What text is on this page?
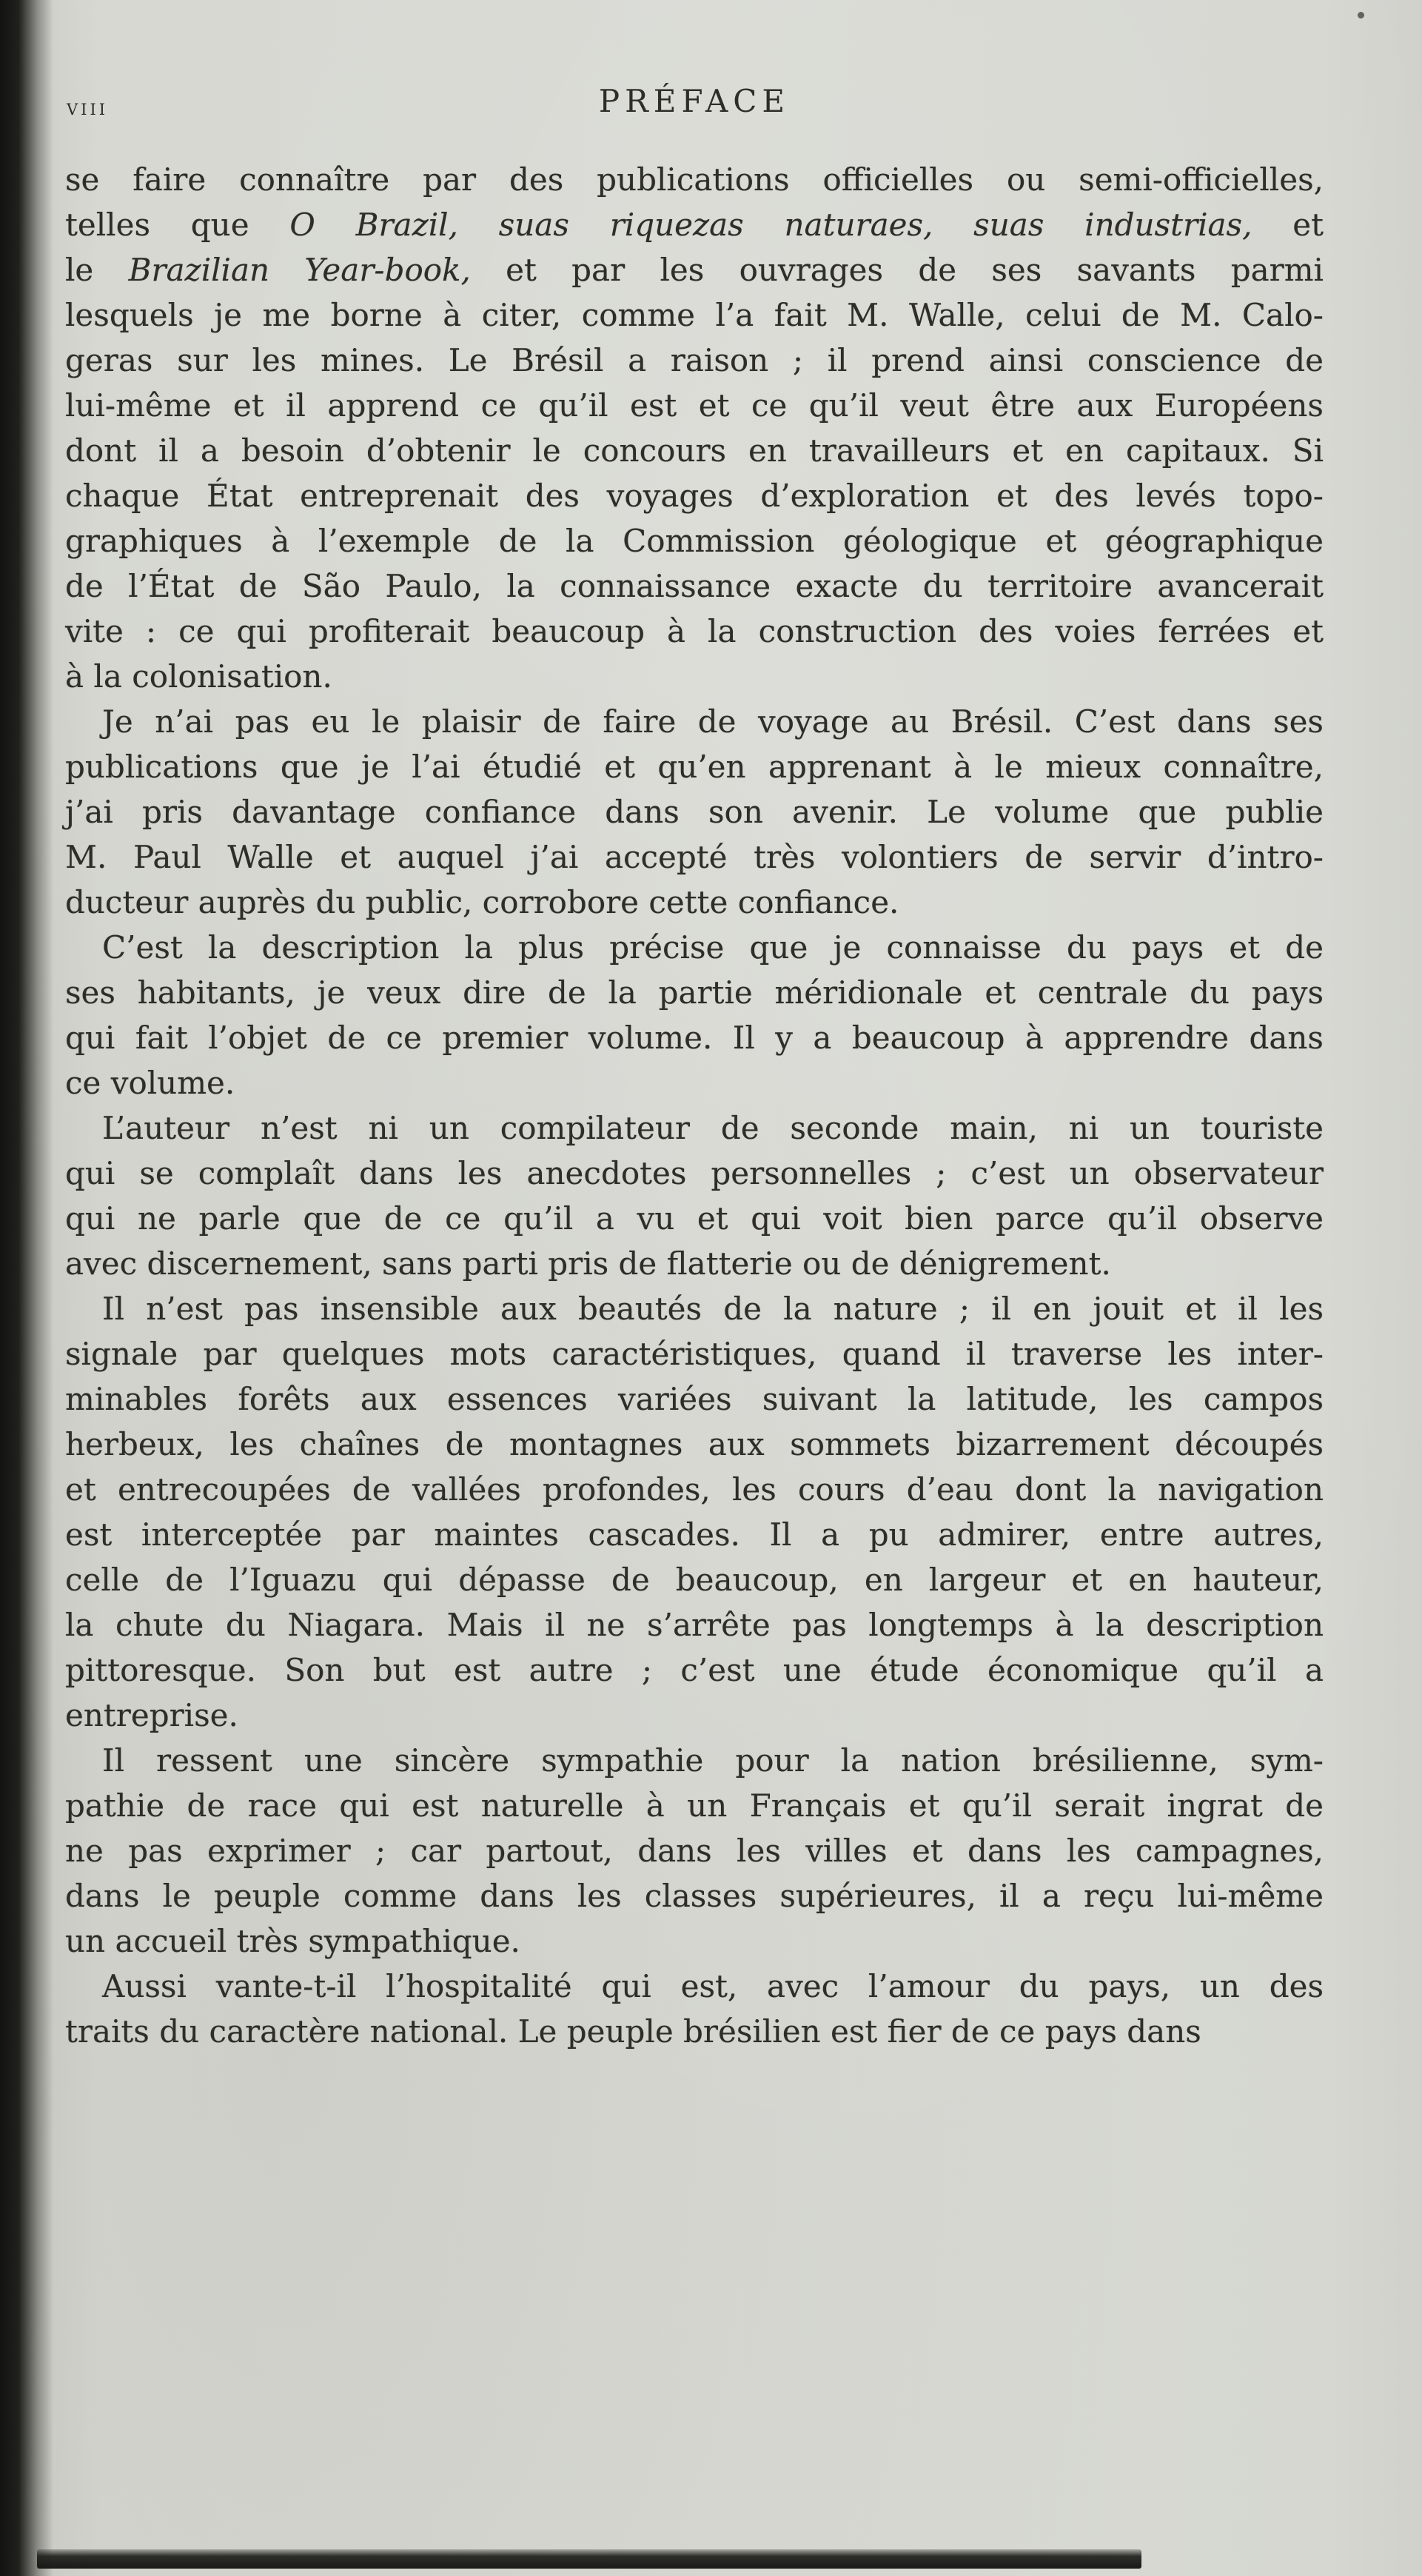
viii	PRÉFACE
se faire connaître par des publications officielles ou semi-officielles,
telles que O Brazil, suas riquezas naturaes, suas industrias, et
le Brazilian Year-book, et par les ouvrages de ses savants parmi
lesquels je me borne à citer, comme l’a fait M. Walle, celui de M. Calo-
geras sur les mines. Le Brésil a raison ; il prend ainsi conscience de
lui-même et il apprend ce qu’il est et ce qu’il veut être aux Européens
dont il a besoin d’obtenir le concours en travailleurs et en capitaux. Si
chaque État entreprenait des voyages d’exploration et des levés topo-
graphiques à l’exemple de la Commission géologique et géographique
de l’État de São Paulo, la connaissance exacte du territoire avancerait
vite : ce qui profiterait beaucoup à la construction des voies ferrées et
à la colonisation.
Je n’ai pas eu le plaisir de faire de voyage au Brésil. C’est dans ses
publications que je l’ai étudié et qu’en apprenant à le mieux connaître,
j’ai pris davantage confiance dans son avenir. Le volume que publie
M. Paul Walle et auquel j’ai accepté très volontiers de servir d’intro-
ducteur auprès du public, corrobore cette confiance.
C’est la description la plus précise que je connaisse du pays et de
ses habitants, je veux dire de la partie méridionale et centrale du pays
qui fait l’objet de ce premier volume. Il y a beaucoup à apprendre dans
ce volume.
L’auteur n’est ni un compilateur de seconde main, ni un touriste
qui se complaît dans les anecdotes personnelles ; c’est un observateur
qui ne parle que de ce qu’il a vu et qui voit bien parce qu’il observe
avec discernement, sans parti pris de flatterie ou de dénigrement.
Il n’est pas insensible aux beautés de la nature ; il en jouit et il les
signale par quelques mots caractéristiques, quand il traverse les inter-
minables forêts aux essences variées suivant la latitude, les campos
herbeux, les chaînes de montagnes aux sommets bizarrement découpés
et entrecoupées de vallées profondes, les cours d’eau dont la navigation
est interceptée par maintes cascades. Il a pu admirer, entre autres,
celle de l’Iguazu qui dépasse de beaucoup, en largeur et en hauteur,
la chute du Niagara. Mais il ne s’arrête pas longtemps à la description
pittoresque. Son but est autre ; c’est une étude économique qu’il a
entreprise.
Il ressent une sincère sympathie pour la nation brésilienne, sym-
pathie de race qui est naturelle à un Français et qu’il serait ingrat de
ne pas exprimer ; car partout, dans les villes et dans les campagnes,
dans le peuple comme dans les classes supérieures, il a reçu lui-même
un accueil très sympathique.
Aussi vante-t-il l’hospitalité qui est, avec l’amour du pays, un des
traits du caractère national. Le peuple brésilien est fier de ce pays dans
